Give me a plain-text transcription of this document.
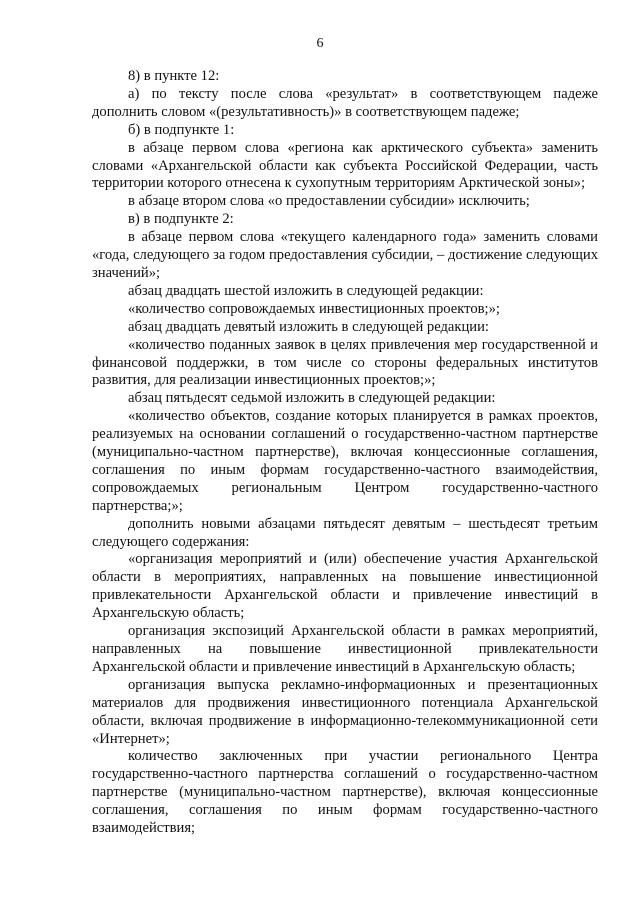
6

8) в пункте 12:

а) по тексту после слова «результат» в соответствующем падеже дополнить словом «(результативность)» в соответствующем падеже;

б) в подпункте 1:

в абзаце первом слова «региона как арктического субъекта» заменить словами «Архангельской области как субъекта Российской Федерации, часть территории которого отнесена к сухопутным территориям Арктической зоны»;

в абзаце втором слова «о предоставлении субсидии» исключить;

в) в подпункте 2:

в абзаце первом слова «текущего календарного года» заменить словами «года, следующего за годом предоставления субсидии, – достижение следующих значений»;

абзац двадцать шестой изложить в следующей редакции:

«количество сопровождаемых инвестиционных проектов;»;

абзац двадцать девятый изложить в следующей редакции:

«количество поданных заявок в целях привлечения мер государственной и финансовой поддержки, в том числе со стороны федеральных институтов развития, для реализации инвестиционных проектов;»;

абзац пятьдесят седьмой изложить в следующей редакции:

«количество объектов, создание которых планируется в рамках проектов, реализуемых на основании соглашений о государственно-частном партнерстве (муниципально-частном партнерстве), включая концессионные соглашения, соглашения по иным формам государственно-частного взаимодействия, сопровождаемых региональным Центром государственно-частного партнерства;»;

дополнить новыми абзацами пятьдесят девятым – шестьдесят третьим следующего содержания:

«организация мероприятий и (или) обеспечение участия Архангельской области в мероприятиях, направленных на повышение инвестиционной привлекательности Архангельской области и привлечение инвестиций в Архангельскую область;

организация экспозиций Архангельской области в рамках мероприятий, направленных на повышение инвестиционной привлекательности Архангельской области и привлечение инвестиций в Архангельскую область;

организация выпуска рекламно-информационных и презентационных материалов для продвижения инвестиционного потенциала Архангельской области, включая продвижение в информационно-телекоммуникационной сети «Интернет»;

количество заключенных при участии регионального Центра государственно-частного партнерства соглашений о государственно-частном партнерстве (муниципально-частном партнерстве), включая концессионные соглашения, соглашения по иным формам государственно-частного взаимодействия;
